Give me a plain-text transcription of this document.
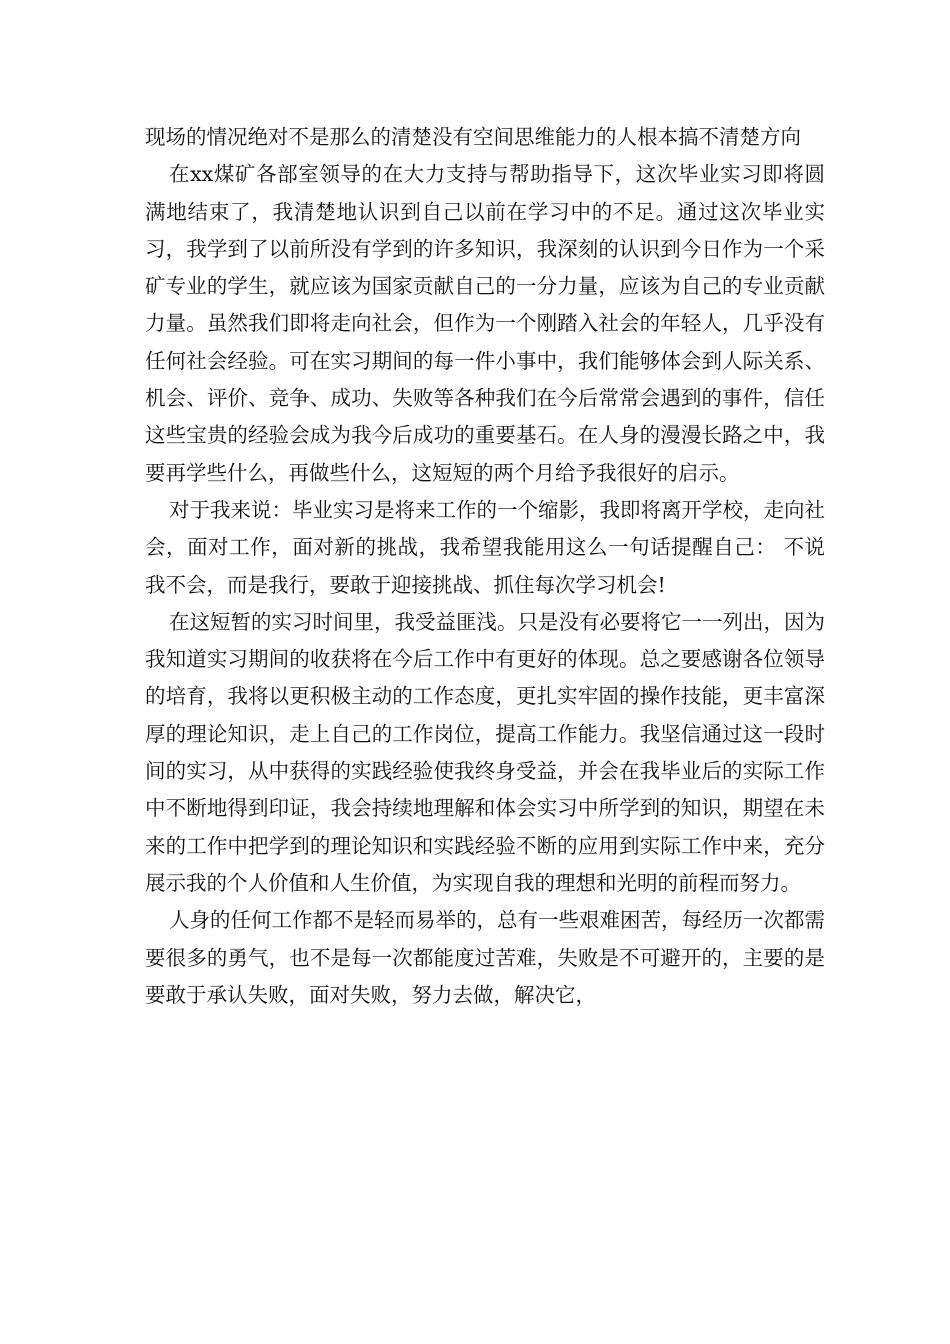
现场的情况绝对不是那么的清楚没有空间思维能力的人根本搞不清楚方向

在xx煤矿各部室领导的在大力支持与帮助指导下，这次毕业实习即将圆满地结束了，我清楚地认识到自己以前在学习中的不足。通过这次毕业实习，我学到了以前所没有学到的许多知识，我深刻的认识到今日作为一个采矿专业的学生，就应该为国家贡献自己的一分力量，应该为自己的专业贡献力量。虽然我们即将走向社会，但作为一个刚踏入社会的年轻人，几乎没有任何社会经验。可在实习期间的每一件小事中，我们能够体会到人际关系、机会、评价、竞争、成功、失败等各种我们在今后常常会遇到的事件，信任这些宝贵的经验会成为我今后成功的重要基石。在人身的漫漫长路之中，我要再学些什么，再做些什么，这短短的两个月给予我很好的启示。

对于我来说：毕业实习是将来工作的一个缩影，我即将离开学校，走向社会，面对工作，面对新的挑战，我希望我能用这么一句话提醒自己： 不说我不会，而是我行，要敢于迎接挑战、抓住每次学习机会!

在这短暂的实习时间里，我受益匪浅。只是没有必要将它一一列出，因为我知道实习期间的收获将在今后工作中有更好的体现。总之要感谢各位领导的培育，我将以更积极主动的工作态度，更扎实牢固的操作技能，更丰富深厚的理论知识，走上自己的工作岗位，提高工作能力。我坚信通过这一段时间的实习，从中获得的实践经验使我终身受益，并会在我毕业后的实际工作中不断地得到印证，我会持续地理解和体会实习中所学到的知识，期望在未来的工作中把学到的理论知识和实践经验不断的应用到实际工作中来，充分展示我的个人价值和人生价值，为实现自我的理想和光明的前程而努力。

人身的任何工作都不是轻而易举的，总有一些艰难困苦，每经历一次都需要很多的勇气，也不是每一次都能度过苦难，失败是不可避开的，主要的是要敢于承认失败，面对失败，努力去做，解决它，
